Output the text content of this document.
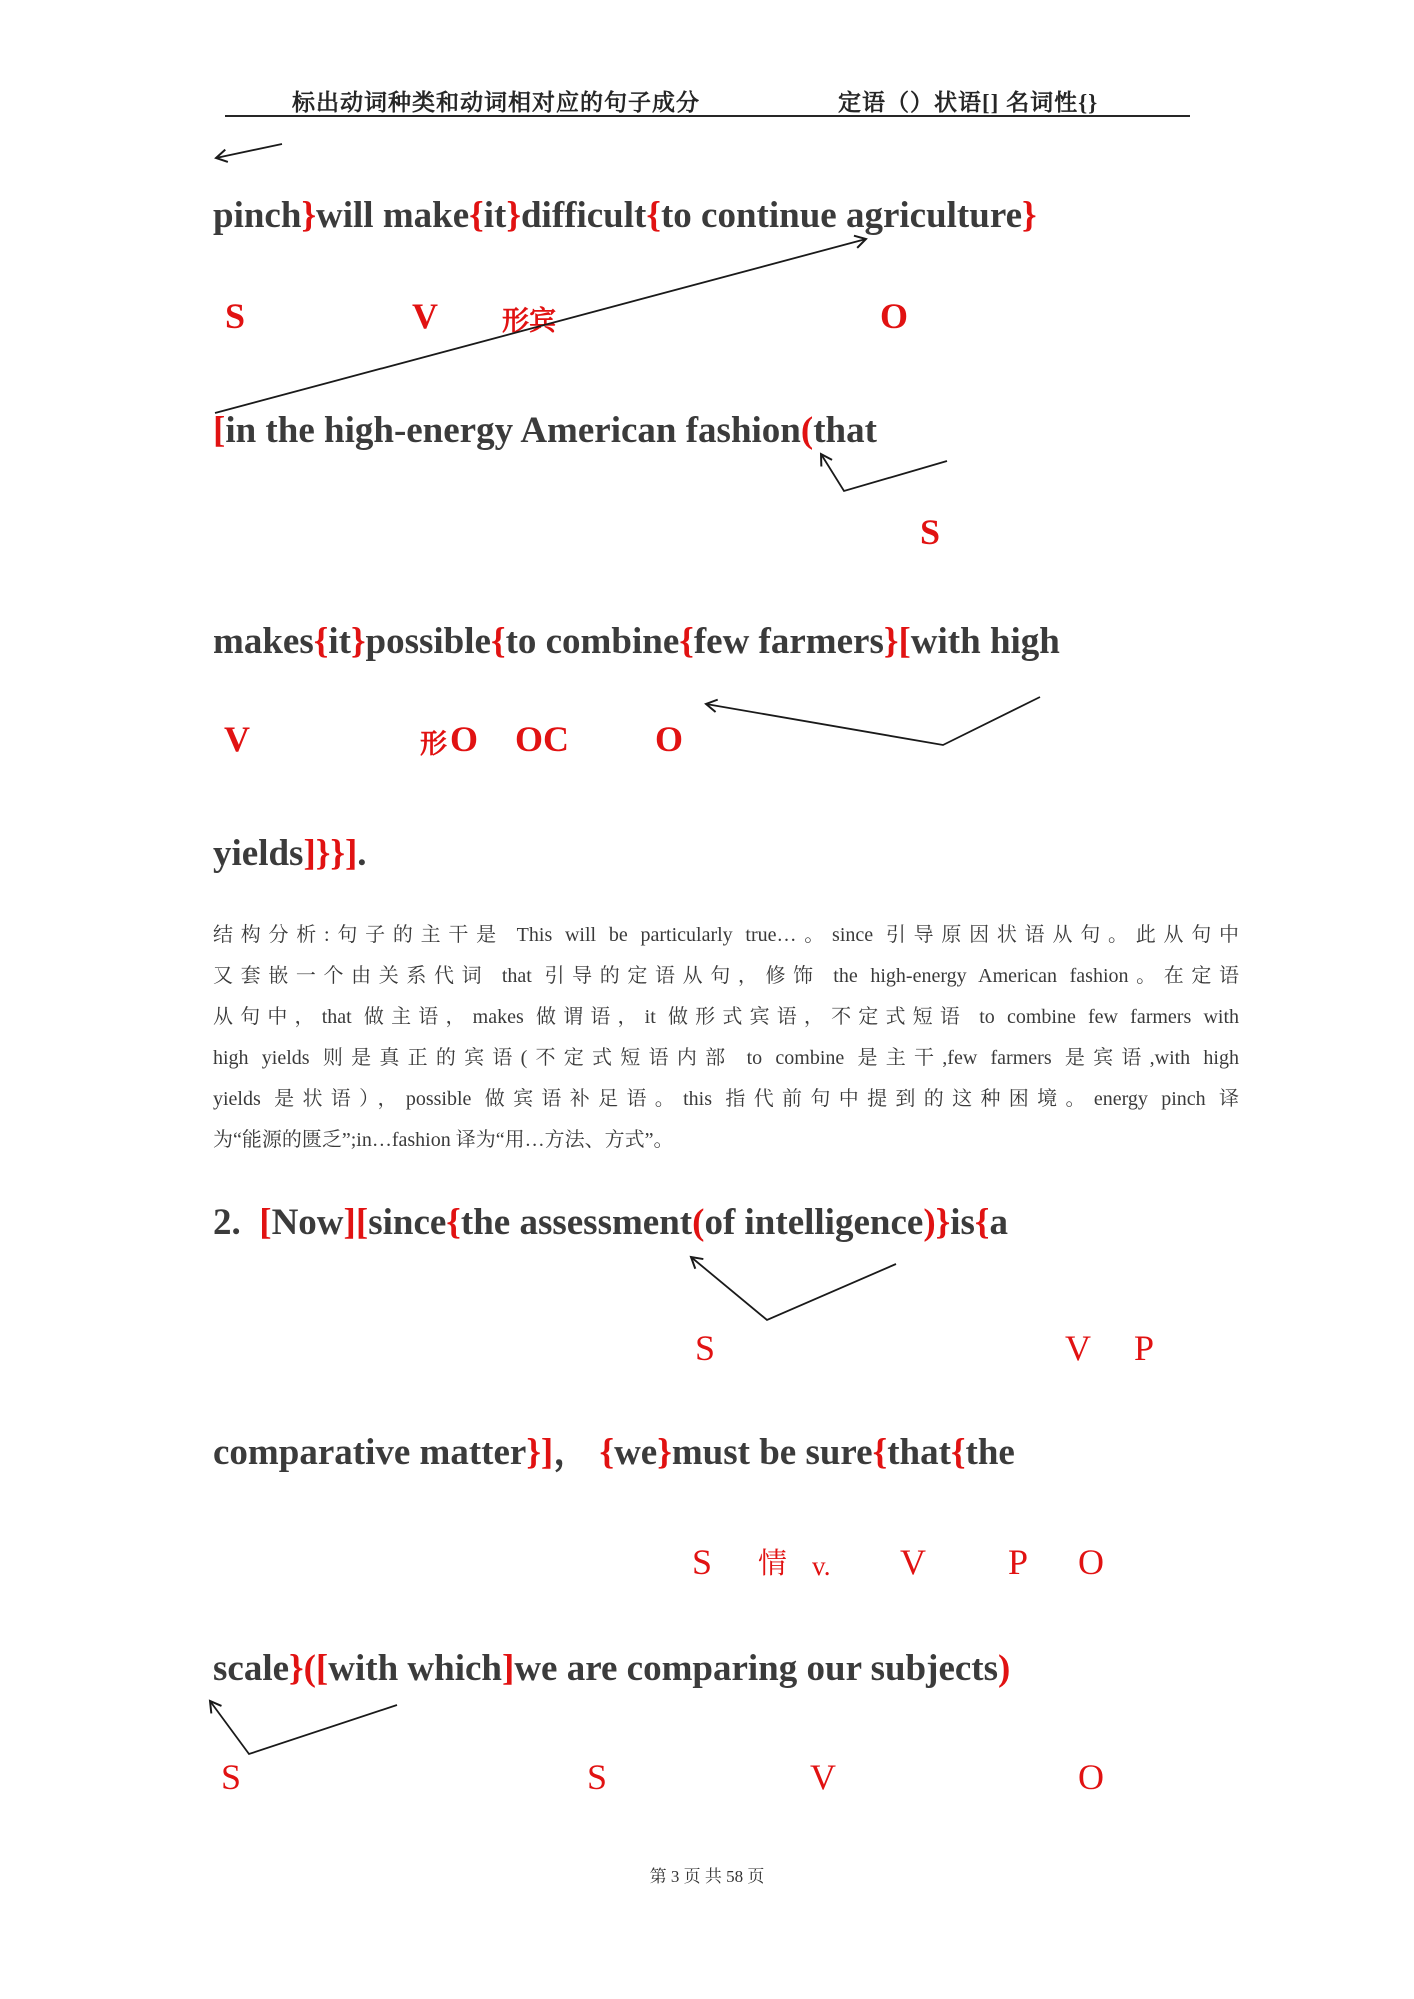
标出动词种类和动词相对应的句子成分	定语（）状语[] 名词性{}
pinch}will make{it}difficult{to continue agriculture}
S	V 形宾	O
[in the high-energy American fashion(that
S
makes{it}possible{to combine{few farmers}[with high
V	形 O OC O
yields]}}].
结构分析:句子的主干是 This will be particularly true…。since 引导原因状语从句。此从句中
又套嵌一个由关系代词 that 引导的定语从句，修饰 the high-energy American fashion。在定语
从句中，that 做主语，makes 做谓语，it 做形式宾语，不定式短语 to combine few farmers with
high yields 则是真正的宾语(不定式短语内部 to combine 是主干,few farmers 是宾语,with high
yields 是状语），possible 做宾语补足语。this 指代前句中提到的这种困境。energy pinch 译
为“能源的匮乏”;in…fashion 译为“用…方法、方式”。
2.  [Now][since{the assessment(of intelligence)}is{a
S	V P
comparative matter}]， {we}must be sure{that{the
S 情 v. V P O
scale}([with which]we are comparing our subjects)
S	S	V	O
第 3 页 共 58 页
